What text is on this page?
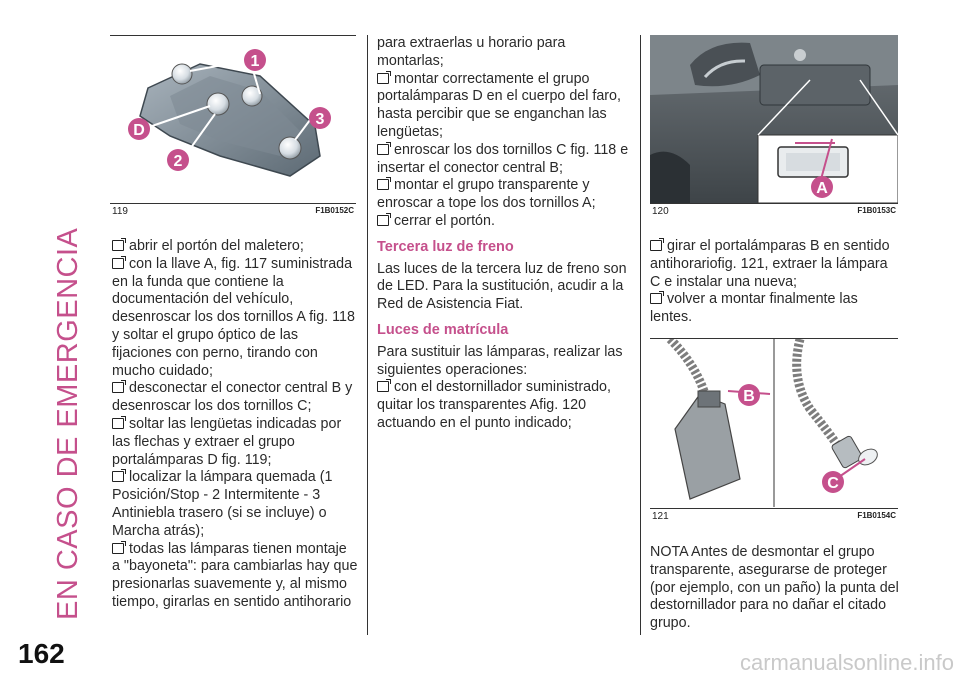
EN CASO DE EMERGENCIA
1
D
3
2
119	F1B0152C

abrir el portón del maletero;

con la llave A, fig. 117 suministrada en la funda que contiene la documentación del vehículo, desenroscar los dos tornillos A fig. 118 y soltar el grupo óptico de las fijaciones con perno, tirando con mucho cuidado;

desconectar el conector central B y desenroscar los dos tornillos C;

soltar las lengüetas indicadas por las flechas y extraer el grupo portalámparas D fig. 119;

localizar la lámpara quemada (1 Posición/Stop - 2 Intermitente - 3 Antiniebla trasero (si se incluye) o Marcha atrás);

todas las lámparas tienen montaje a "bayoneta": para cambiarlas hay que presionarlas suavemente y, al mismo tiempo, girarlas en sentido antihorario

para extraerlas u horario para montarlas;

montar correctamente el grupo portalámparas D en el cuerpo del faro, hasta percibir que se enganchan las lengüetas;

enroscar los dos tornillos C fig. 118 e insertar el conector central B;

montar el grupo transparente y enroscar a tope los dos tornillos A;

cerrar el portón.

Tercera luz de freno

Las luces de la tercera luz de freno son de LED. Para la sustitución, acudir a la Red de Asistencia Fiat.

Luces de matrícula

Para sustituir las lámparas, realizar las siguientes operaciones:

con el destornillador suministrado, quitar los transparentes Afig. 120 actuando en el punto indicado;

A
120	F1B0153C

girar el portalámparas B en sentido antihorariofig. 121, extraer la lámpara C e instalar una nueva;

volver a montar finalmente las lentes.

B
C
121	F1B0154C

NOTA Antes de desmontar el grupo transparente, asegurarse de proteger (por ejemplo, con un paño) la punta del destornillador para no dañar el citado grupo.

162	carmanualsonline.info
